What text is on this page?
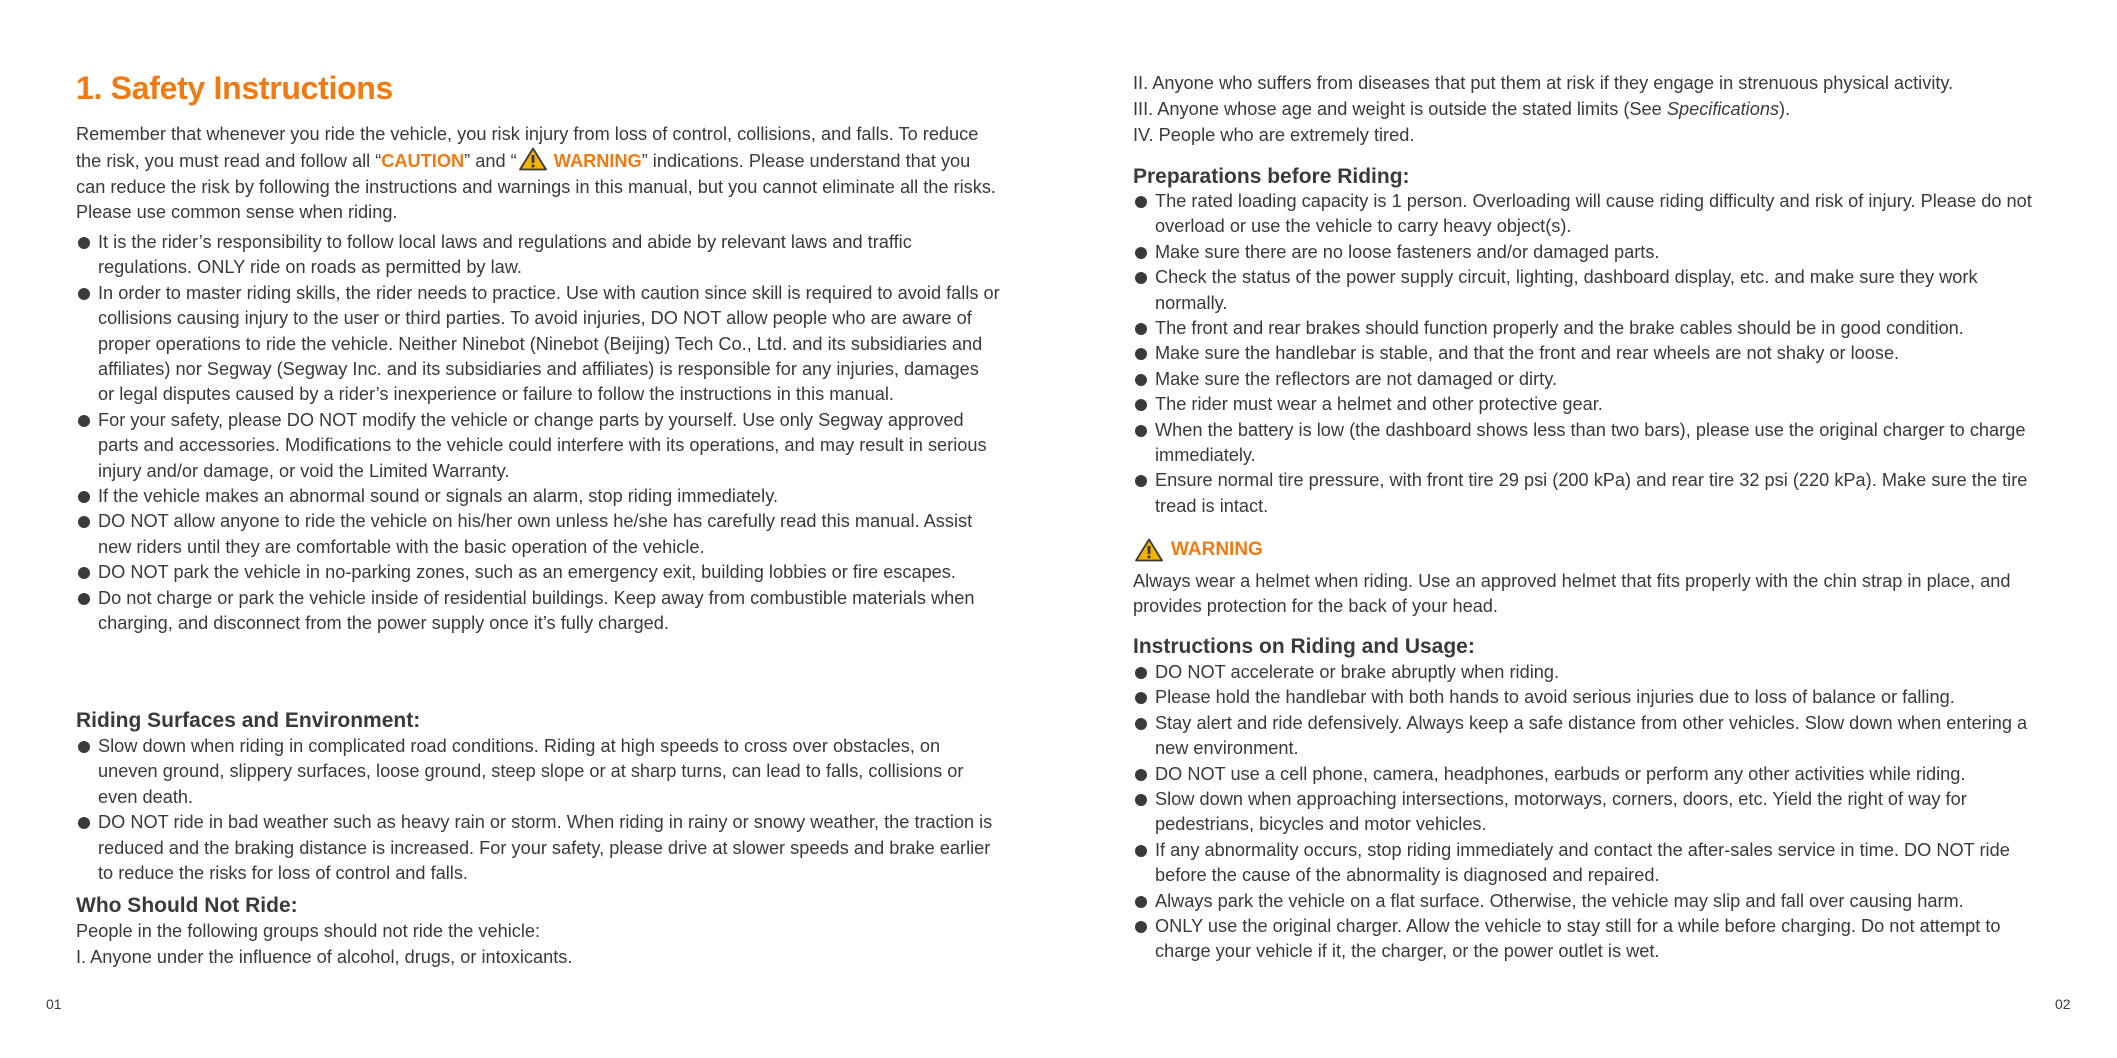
1. Safety Instructions

Remember that whenever you ride the vehicle, you risk injury from loss of control, collisions, and falls. To reduce the risk, you must read and follow all “CAUTION” and “ WARNING” indications. Please understand that you can reduce the risk by following the instructions and warnings in this manual, but you cannot eliminate all the risks. Please use common sense when riding.

It is the rider’s responsibility to follow local laws and regulations and abide by relevant laws and traffic regulations. ONLY ride on roads as permitted by law.
In order to master riding skills, the rider needs to practice. Use with caution since skill is required to avoid falls or collisions causing injury to the user or third parties. To avoid injuries, DO NOT allow people who are aware of proper operations to ride the vehicle. Neither Ninebot (Ninebot (Beijing) Tech Co., Ltd. and its subsidiaries and affiliates) nor Segway (Segway Inc. and its subsidiaries and affiliates) is responsible for any injuries, damages or legal disputes caused by a rider’s inexperience or failure to follow the instructions in this manual.
For your safety, please DO NOT modify the vehicle or change parts by yourself. Use only Segway approved parts and accessories. Modifications to the vehicle could interfere with its operations, and may result in serious injury and/or damage, or void the Limited Warranty.
If the vehicle makes an abnormal sound or signals an alarm, stop riding immediately.
DO NOT allow anyone to ride the vehicle on his/her own unless he/she has carefully read this manual. Assist new riders until they are comfortable with the basic operation of the vehicle.
DO NOT park the vehicle in no-parking zones, such as an emergency exit, building lobbies or fire escapes.
Do not charge or park the vehicle inside of residential buildings. Keep away from combustible materials when charging, and disconnect from the power supply once it’s fully charged.
Riding Surfaces and Environment:
Slow down when riding in complicated road conditions. Riding at high speeds to cross over obstacles, on uneven ground, slippery surfaces, loose ground, steep slope or at sharp turns, can lead to falls, collisions or even death.
DO NOT ride in bad weather such as heavy rain or storm. When riding in rainy or snowy weather, the traction is reduced and the braking distance is increased. For your safety, please drive at slower speeds and brake earlier to reduce the risks for loss of control and falls.
Who Should Not Ride:

People in the following groups should not ride the vehicle:

I. Anyone under the influence of alcohol, drugs, or intoxicants.

01

II. Anyone who suffers from diseases that put them at risk if they engage in strenuous physical activity.

III. Anyone whose age and weight is outside the stated limits (See Specifications).

IV. People who are extremely tired.

Preparations before Riding:
The rated loading capacity is 1 person. Overloading will cause riding difficulty and risk of injury. Please do not overload or use the vehicle to carry heavy object(s).
Make sure there are no loose fasteners and/or damaged parts.
Check the status of the power supply circuit, lighting, dashboard display, etc. and make sure they work normally.
The front and rear brakes should function properly and the brake cables should be in good condition.
Make sure the handlebar is stable, and that the front and rear wheels are not shaky or loose.
Make sure the reflectors are not damaged or dirty.
The rider must wear a helmet and other protective gear.
When the battery is low (the dashboard shows less than two bars), please use the original charger to charge immediately.
Ensure normal tire pressure, with front tire 29 psi (200 kPa) and rear tire 32 psi (220 kPa). Make sure the tire tread is intact.
WARNING

Always wear a helmet when riding. Use an approved helmet that fits properly with the chin strap in place, and provides protection for the back of your head.

Instructions on Riding and Usage:
DO NOT accelerate or brake abruptly when riding.
Please hold the handlebar with both hands to avoid serious injuries due to loss of balance or falling.
Stay alert and ride defensively. Always keep a safe distance from other vehicles. Slow down when entering a new environment.
DO NOT use a cell phone, camera, headphones, earbuds or perform any other activities while riding.
Slow down when approaching intersections, motorways, corners, doors, etc. Yield the right of way for pedestrians, bicycles and motor vehicles.
If any abnormality occurs, stop riding immediately and contact the after-sales service in time. DO NOT ride before the cause of the abnormality is diagnosed and repaired.
Always park the vehicle on a flat surface. Otherwise, the vehicle may slip and fall over causing harm.
ONLY use the original charger. Allow the vehicle to stay still for a while before charging. Do not attempt to charge your vehicle if it, the charger, or the power outlet is wet.
02
